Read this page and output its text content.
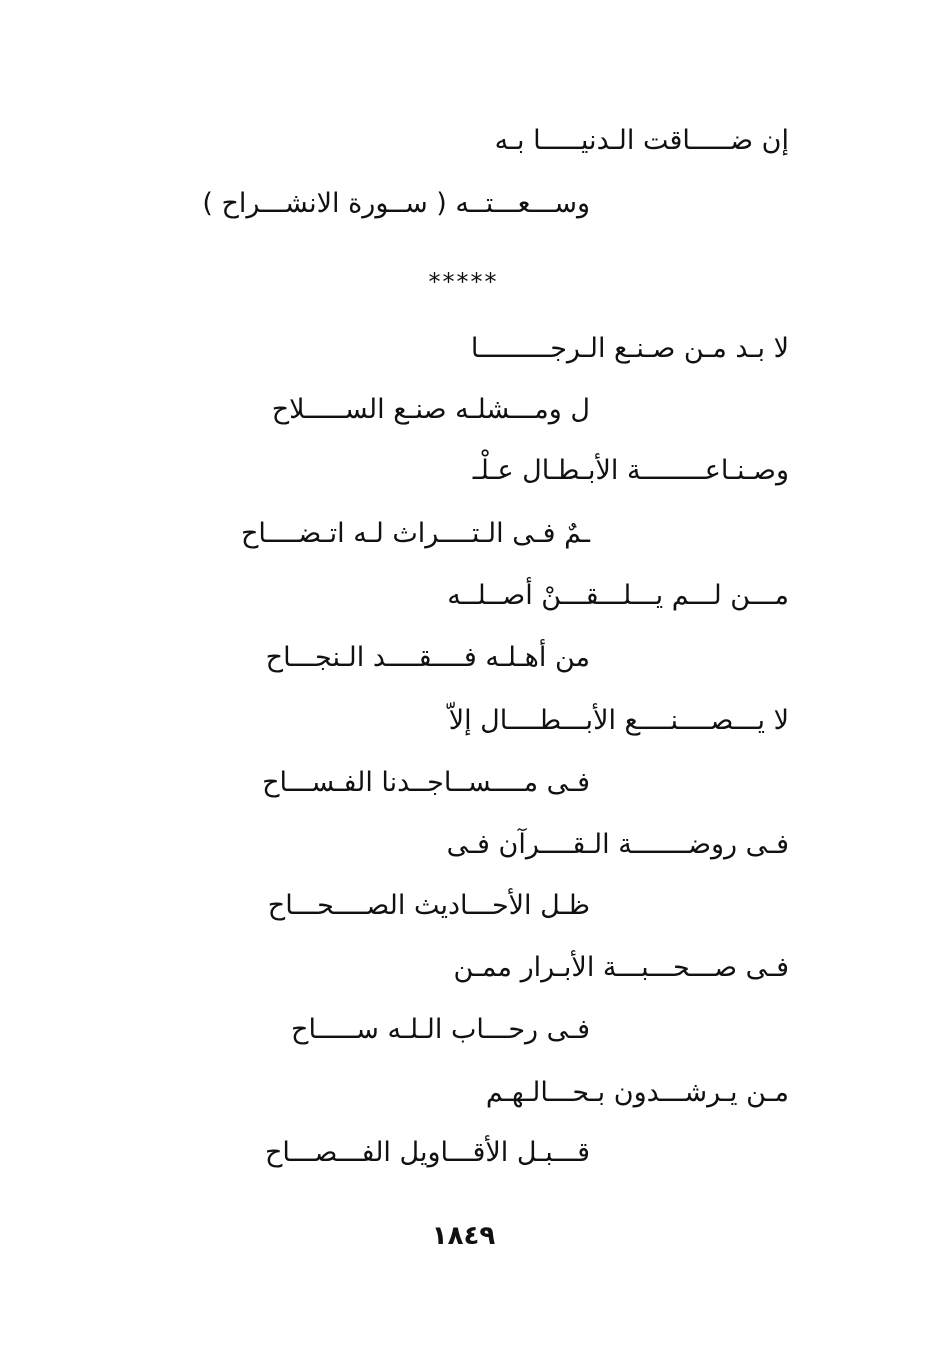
إن ضـــــاقت الـدنيـــــا بـه
وســـعـــتــه ( ســورة الانشـــراح )
*****
لا بـد مـن صـنـع الـرجـــــــــا
ل ومـــشلـه صنـع الســـــلاح
وصـنـاعــــــــة الأبـطـال عـلْـ
ـمٌ فـى الـتــــراث لـه اتـضــــاح
مـــن لـــم يـــلـــقـــنْ أصــلــه
من أهـلـه فــــقــــد الـنجـــاح
لا يـــصــــنــــع الأبـــطــــال إلاّ
فـى مــــســاجــدنا الفـســـاح
فـى روضـــــــة الـقــــرآن فـى
ظـل الأحـــاديث الصــــحـــاح
فـى صـــحـــبـــة الأبـرار ممـن
فـى رحـــاب الـلـه ســـــاح
مـن يـرشـــدون بـحـــالـهـم
قـــبـل الأقـــاويل الفـــصـــاح
١٨٤٩
